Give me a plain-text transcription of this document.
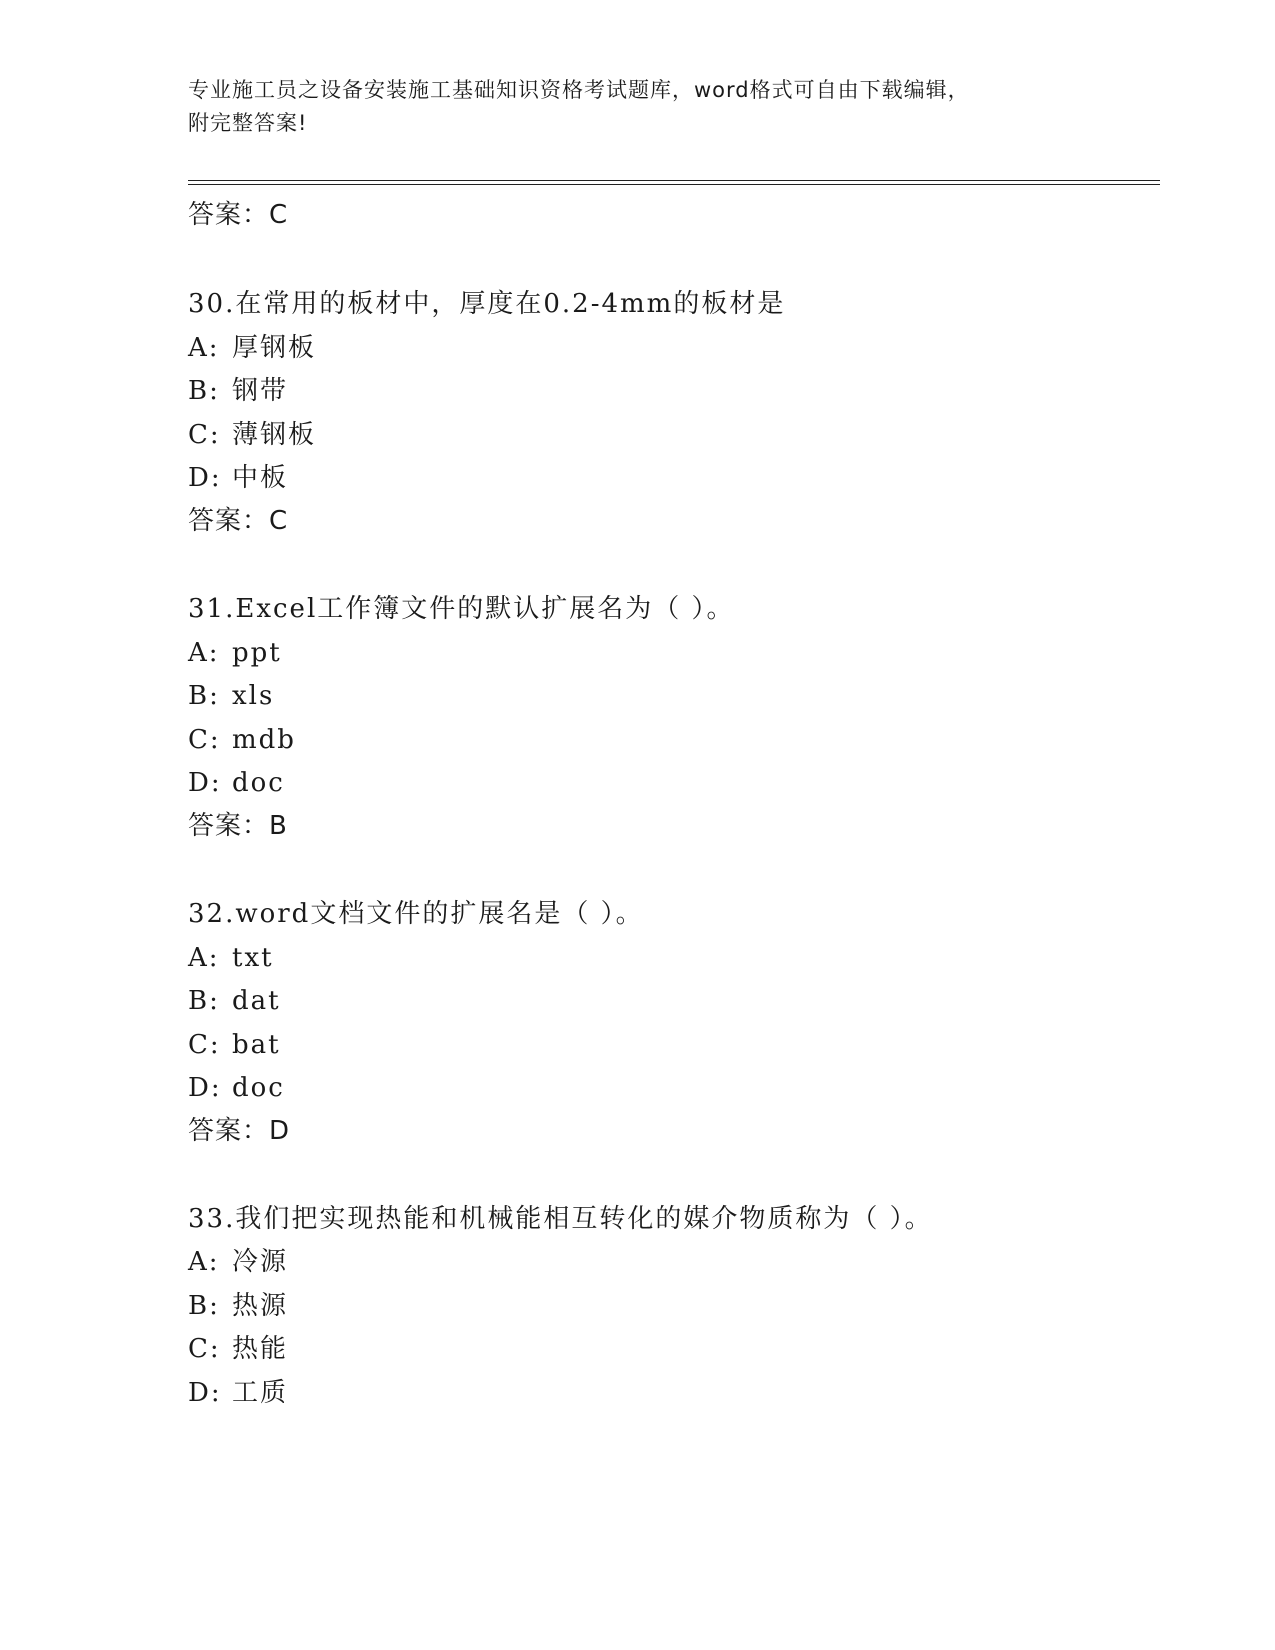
专业施工员之设备安装施工基础知识资格考试题库，word格式可自由下载编辑，
附完整答案!
答案：C
30.在常用的板材中，厚度在0.2-4mm的板材是
A: 厚钢板
B: 钢带
C: 薄钢板
D: 中板
答案：C
31.Excel工作簿文件的默认扩展名为（ ）。
A: ppt
B: xls
C: mdb
D: doc
答案：B
32.word文档文件的扩展名是（ ）。
A: txt
B: dat
C: bat
D: doc
答案：D
33.我们把实现热能和机械能相互转化的媒介物质称为（ ）。
A: 冷源
B: 热源
C: 热能
D: 工质
